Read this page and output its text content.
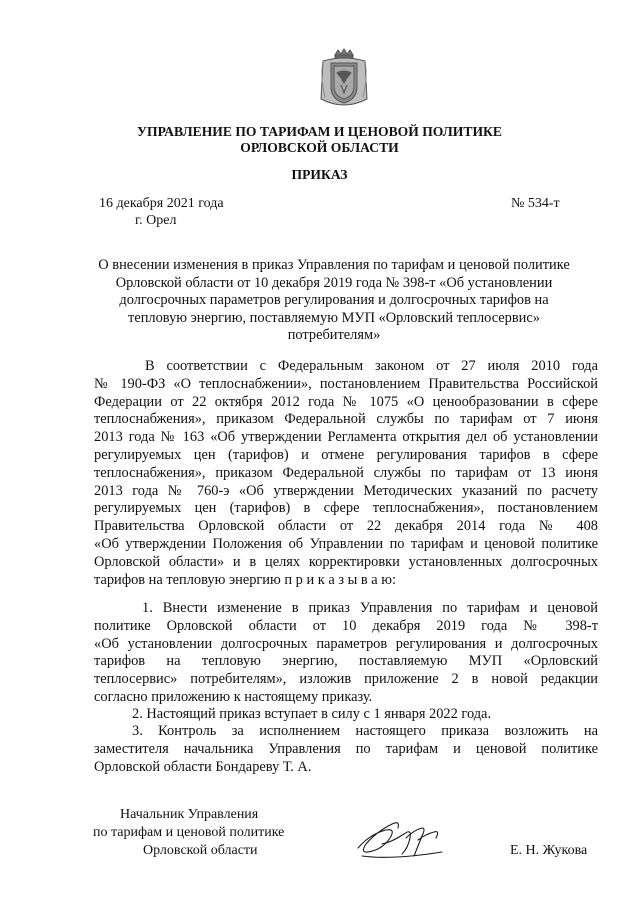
УПРАВЛЕНИЕ ПО ТАРИФАМ И ЦЕНОВОЙ ПОЛИТИКЕ

ОРЛОВСКОЙ ОБЛАСТИ

ПРИКАЗ

16 декабря 2021 года

г. Орел

№ 534-т

О внесении изменения в приказ Управления по тарифам и ценовой политике
Орловской области от 10 декабря 2019 года № 398-т «Об установлении
долгосрочных параметров регулирования и долгосрочных тарифов на
тепловую энергию, поставляемую МУП «Орловский теплосервис»
потребителям»
В соответствии с Федеральным законом от 27 июля 2010 года
№ 190-ФЗ «О теплоснабжении», постановлением Правительства Российской
Федерации от 22 октября 2012 года № 1075 «О ценообразовании в сфере
теплоснабжения», приказом Федеральной службы по тарифам от 7 июня
2013 года № 163 «Об утверждении Регламента открытия дел об установлении
регулируемых цен (тарифов) и отмене регулирования тарифов в сфере
теплоснабжения», приказом Федеральной службы по тарифам от 13 июня
2013 года № 760-э «Об утверждении Методических указаний по расчету
регулируемых цен (тарифов) в сфере теплоснабжения», постановлением
Правительства Орловской области от 22 декабря 2014 года № 408
«Об утверждении Положения об Управлении по тарифам и ценовой политике
Орловской области» и в целях корректировки установленных долгосрочных
тарифов на тепловую энергию п р и к а з ы в а ю:
1. Внести изменение в приказ Управления по тарифам и ценовой
политике Орловской области от 10 декабря 2019 года № 398-т
«Об установлении долгосрочных параметров регулирования и долгосрочных
тарифов на тепловую энергию, поставляемую МУП «Орловский
теплосервис» потребителям», изложив приложение 2 в новой редакции
согласно приложению к настоящему приказу.
2. Настоящий приказ вступает в силу с 1 января 2022 года.
3. Контроль за исполнением настоящего приказа возложить на
заместителя начальника Управления по тарифам и ценовой политике
Орловской области Бондареву Т. А.

Начальник Управления

по тарифам и ценовой политике

Орловской области	Е. Н. Жукова
